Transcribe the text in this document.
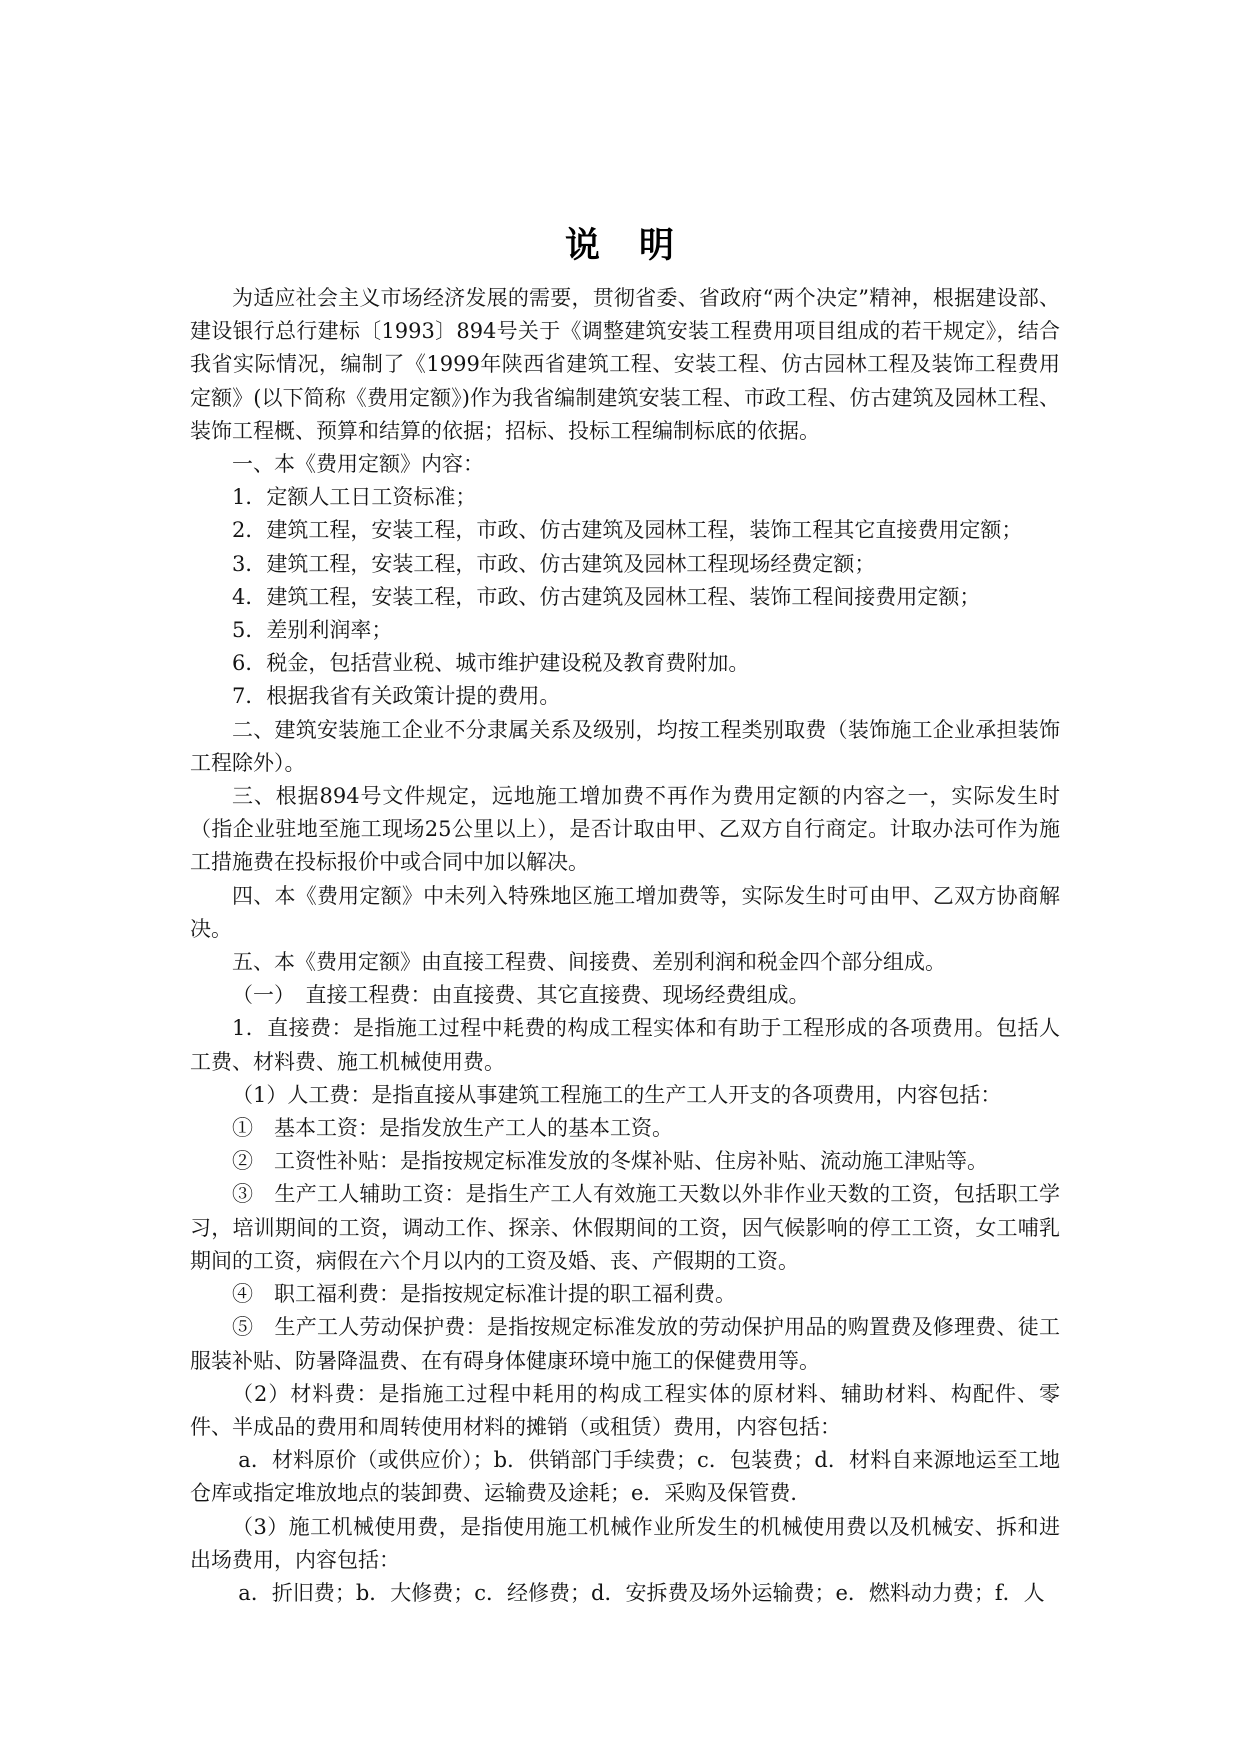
说　明

为适应社会主义市场经济发展的需要，贯彻省委、省政府“两个决定”精神，根据建设部、建设银行总行建标〔1993〕894号关于《调整建筑安装工程费用项目组成的若干规定》，结合我省实际情况，编制了《1999年陕西省建筑工程、安装工程、仿古园林工程及装饰工程费用定额》(以下简称《费用定额》)作为我省编制建筑安装工程、市政工程、仿古建筑及园林工程、装饰工程概、预算和结算的依据；招标、投标工程编制标底的依据。

一、本《费用定额》内容：

1．定额人工日工资标准；

2．建筑工程，安装工程，市政、仿古建筑及园林工程，装饰工程其它直接费用定额；

3．建筑工程，安装工程，市政、仿古建筑及园林工程现场经费定额；

4．建筑工程，安装工程，市政、仿古建筑及园林工程、装饰工程间接费用定额；

5．差别利润率；

6．税金，包括营业税、城市维护建设税及教育费附加。

7．根据我省有关政策计提的费用。

二、建筑安装施工企业不分隶属关系及级别，均按工程类别取费（装饰施工企业承担装饰工程除外）。

三、根据894号文件规定，远地施工增加费不再作为费用定额的内容之一，实际发生时（指企业驻地至施工现场25公里以上），是否计取由甲、乙双方自行商定。计取办法可作为施工措施费在投标报价中或合同中加以解决。

四、本《费用定额》中未列入特殊地区施工增加费等，实际发生时可由甲、乙双方协商解决。

五、本《费用定额》由直接工程费、间接费、差别利润和税金四个部分组成。

（一）　直接工程费：由直接费、其它直接费、现场经费组成。

1．直接费：是指施工过程中耗费的构成工程实体和有助于工程形成的各项费用。包括人工费、材料费、施工机械使用费。

（1）人工费：是指直接从事建筑工程施工的生产工人开支的各项费用，内容包括：

①　基本工资：是指发放生产工人的基本工资。

②　工资性补贴：是指按规定标准发放的冬煤补贴、住房补贴、流动施工津贴等。

③　生产工人辅助工资：是指生产工人有效施工天数以外非作业天数的工资，包括职工学习，培训期间的工资，调动工作、探亲、休假期间的工资，因气候影响的停工工资，女工哺乳期间的工资，病假在六个月以内的工资及婚、丧、产假期的工资。

④　职工福利费：是指按规定标准计提的职工福利费。

⑤　生产工人劳动保护费：是指按规定标准发放的劳动保护用品的购置费及修理费、徒工服装补贴、防暑降温费、在有碍身体健康环境中施工的保健费用等。

（2）材料费：是指施工过程中耗用的构成工程实体的原材料、辅助材料、构配件、零件、半成品的费用和周转使用材料的摊销（或租赁）费用，内容包括：

a．材料原价（或供应价）；b．供销部门手续费；c．包装费；d．材料自来源地运至工地仓库或指定堆放地点的装卸费、运输费及途耗；e．采购及保管费．

（3）施工机械使用费，是指使用施工机械作业所发生的机械使用费以及机械安、拆和进出场费用，内容包括：

a．折旧费；b．大修费；c．经修费；d．安拆费及场外运输费；e．燃料动力费；f．人
